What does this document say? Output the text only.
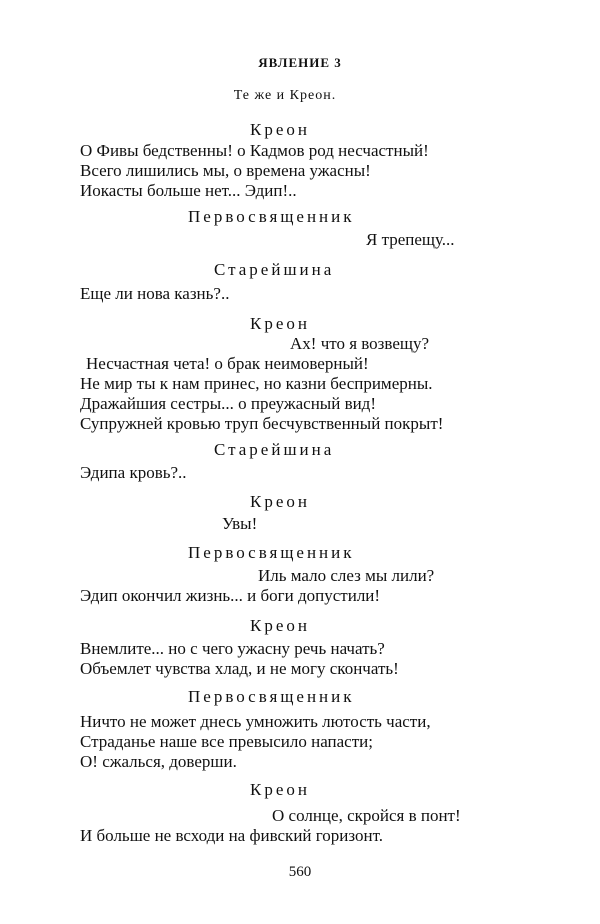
ЯВЛЕНИЕ 3
Те же и Креон.
Креон
О Фивы бедственны! о Кадмов род несчастный!
Всего лишились мы, о времена ужасны!
Иокасты больше нет... Эдип!..
Первосвященник
Я трепещу...
Старейшина
Еще ли нова казнь?..
Креон
Ах! что я возвещу?
Несчастная чета! о брак неимоверный!
Не мир ты к нам принес, но казни беспримерны.
Дражайшия сестры... о преужасный вид!
Супружней кровью труп бесчувственный покрыт!
Старейшина
Эдипа кровь?..
Креон
Увы!
Первосвященник
Иль мало слез мы лили?
Эдип окончил жизнь... и боги допустили!
Креон
Внемлите... но с чего ужасну речь начать?
Объемлет чувства хлад, и не могу скончать!
Первосвященник
Ничто не может днесь умножить лютость части,
Страданье наше все превысило напасти;
О! сжалься, доверши.
Креон
О солнце, скройся в понт!
И больше не всходи на фивский горизонт.
560
